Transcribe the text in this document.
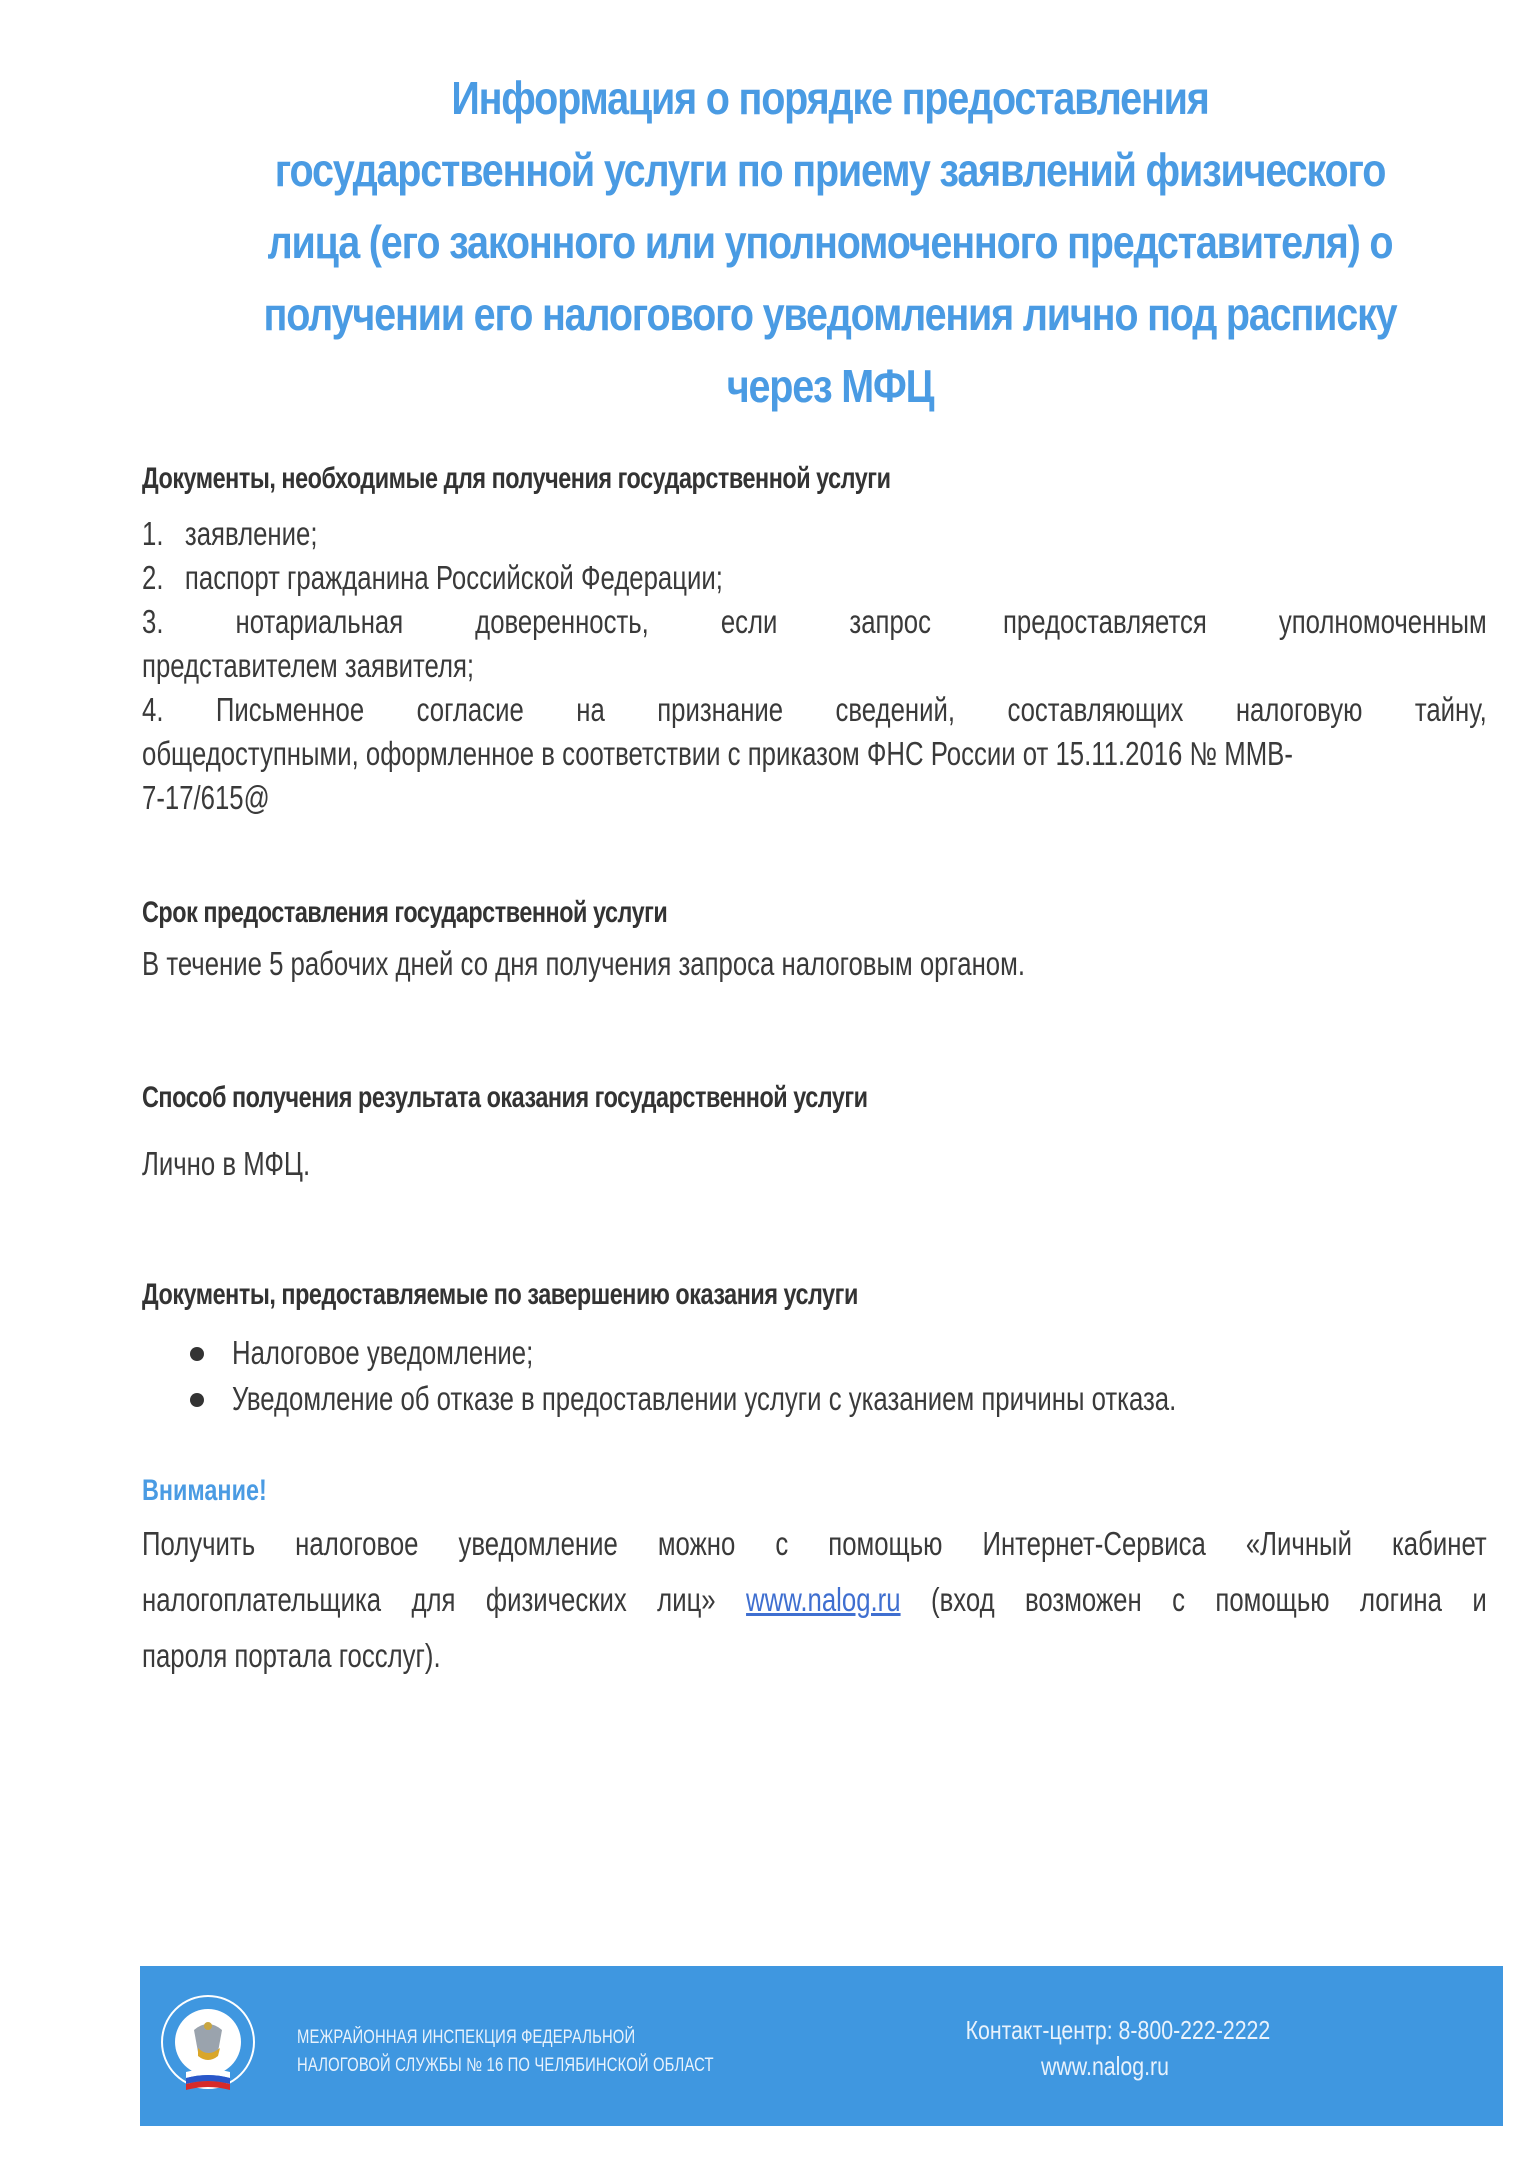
Информация о порядке предоставления
государственной услуги по приему заявлений физического
лица (его законного или уполномоченного представителя) о
получении его налогового уведомления лично под расписку
через МФЦ
Документы, необходимые для получения государственной услуги
1. заявление;
2. паспорт гражданина Российской Федерации;
3. нотариальная доверенность, если запрос предоставляется уполномоченным
представителем заявителя;
4. Письменное согласие на признание сведений, составляющих налоговую тайну,
общедоступными, оформленное в соответствии с приказом ФНС России от 15.11.2016 № ММВ-
7-17/615@
Срок предоставления государственной услуги
В течение 5 рабочих дней со дня получения запроса налоговым органом.
Способ получения результата оказания государственной услуги
Лично в МФЦ.
Документы, предоставляемые по завершению оказания услуги
Налоговое уведомление;
Уведомление об отказе в предоставлении услуги с указанием причины отказа.
Внимание!
Получить налоговое уведомление можно с помощью Интернет-Сервиса «Личный кабинет
налогоплательщика для физических лиц» www.nalog.ru (вход возможен с помощью логина и
пароля портала госслуг).
МЕЖРАЙОННАЯ ИНСПЕКЦИЯ ФЕДЕРАЛЬНОЙ
НАЛОГОВОЙ СЛУЖБЫ № 16 ПО ЧЕЛЯБИНСКОЙ ОБЛАСТ
Контакт-центр: 8-800-222-2222
www.nalog.ru
